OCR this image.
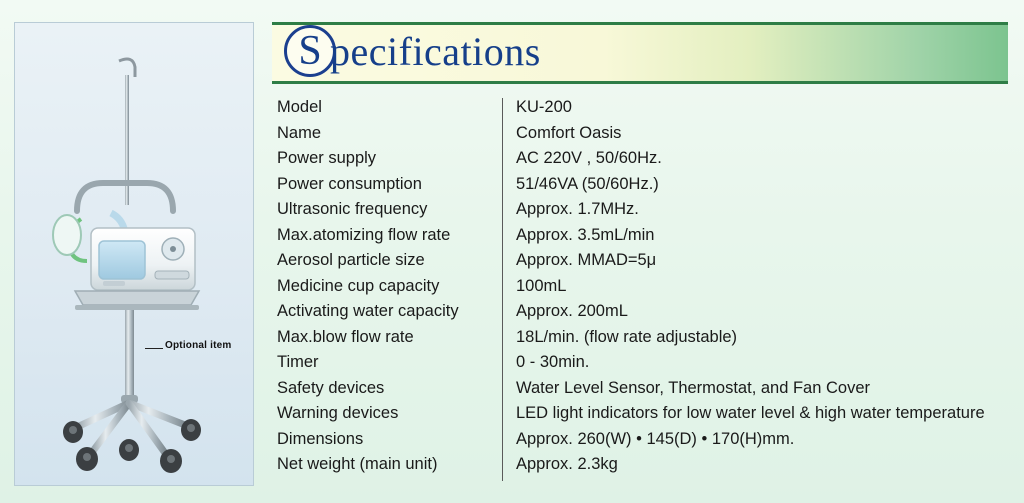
Optional item
S
pecifications
Model	KU-200
Name	Comfort Oasis
Power supply	AC 220V , 50/60Hz.
Power consumption	51/46VA (50/60Hz.)
Ultrasonic frequency	Approx. 1.7MHz.
Max.atomizing flow rate	Approx. 3.5mL/min
Aerosol particle size	Approx. MMAD=5μ
Medicine cup capacity	100mL
Activating water capacity	Approx. 200mL
Max.blow flow rate	18L/min. (flow rate adjustable)
Timer	0 - 30min.
Safety devices	Water Level Sensor, Thermostat, and Fan Cover
Warning devices	LED light indicators for low water level & high water temperature
Dimensions	Approx. 260(W) • 145(D) • 170(H)mm.
Net weight (main unit)	Approx. 2.3kg
